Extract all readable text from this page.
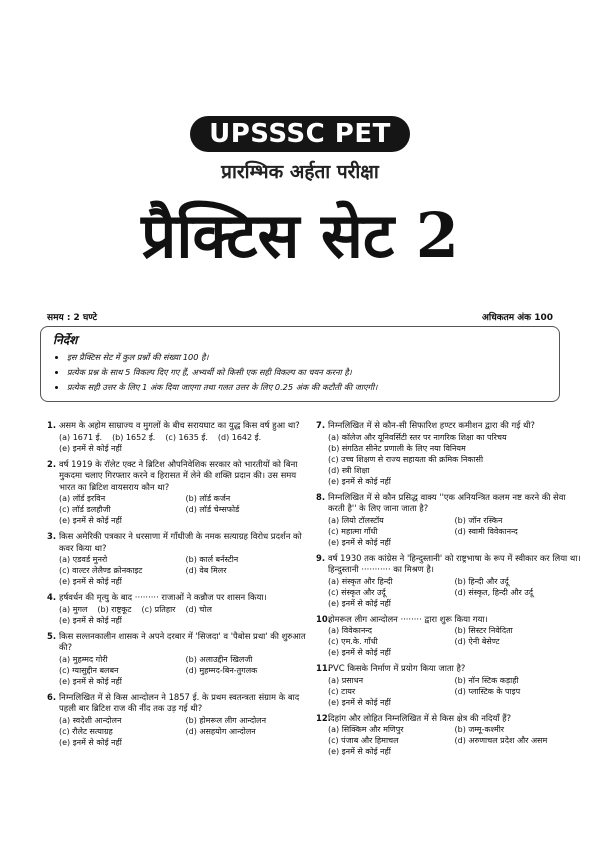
UPSSSC PET
प्रारम्भिक अर्हता परीक्षा
प्रैक्टिस सेट 2
समय : 2 घण्टे	अधिकतम अंक 100
निर्देश
• इस प्रैक्टिस सेट में कुल प्रश्नों की संख्या 100 है।
• प्रत्येक प्रश्न के साथ 5 विकल्प दिए गए हैं, अभ्यर्थी को किसी एक सही विकल्प का चयन करना है।
• प्रत्येक सही उत्तर के लिए 1 अंक दिया जाएगा तथा गलत उत्तर के लिए 0.25 अंक की कटौती की जाएगी।
1. असम के अहोम साम्राज्य व मुगलों के बीच सरायघाट का युद्ध किस वर्ष हुआ था?
(a) 1671 ई. (b) 1652 ई. (c) 1635 ई. (d) 1642 ई.
(e) इनमें से कोई नहीं
2. वर्ष 1919 के रॉलेट एक्ट ने ब्रिटिश औपनिवेशिक सरकार को भारतीयों को बिना मुकदमा चलाए गिरफ्तार करने व हिरासत में लेने की शक्ति प्रदान की। उस समय भारत का ब्रिटिश वायसराय कौन था?
(a) लॉर्ड इरविन	(b) लॉर्ड कर्जन
(c) लॉर्ड डलहौजी	(d) लॉर्ड चेम्सफोर्ड
(e) इनमें से कोई नहीं
3. किस अमेरिकी पत्रकार ने धरसाणा में गाँधीजी के नमक सत्याग्रह विरोध प्रदर्शन को कवर किया था?
(a) एडवर्ड मुनरो	(b) कार्ल बर्नस्टीन
(c) वाल्टर लेलैण्ड क्रोनकाइट	(d) वेब मिलर
(e) इनमें से कोई नहीं
4. हर्षवर्धन की मृत्यु के बाद ········· राजाओं ने कन्नौज पर शासन किया।
(a) मुगल (b) राष्ट्रकूट (c) प्रतिहार (d) चोल
(e) इनमें से कोई नहीं
5. किस सल्तनकालीन शासक ने अपने दरबार में 'सिजदा' व 'पैबोस प्रथा' की शुरुआत की?
(a) मुहम्मद गोरी	(b) अलाउद्दीन खिलजी
(c) ग्यासुद्दीन बलबन	(d) मुहम्मद-बिन-तुगलक
(e) इनमें से कोई नहीं
6. निम्नलिखित में से किस आन्दोलन ने 1857 ई. के प्रथम स्वतन्त्रता संग्राम के बाद पहली बार ब्रिटिश राज की नींद तक उड़ गई थी?
(a) स्वदेशी आन्दोलन	(b) होमरूल लीग आन्दोलन
(c) रौलेट सत्याग्रह	(d) असहयोग आन्दोलन
(e) इनमें से कोई नहीं
7. निम्नलिखित में से कौन-सी सिफारिश हण्टर कमीशन द्वारा की गई थी?
(a) कॉलेज और यूनिवर्सिटी स्तर पर नागरिक शिक्षा का परिचय
(b) संगठित सीनेट प्रणाली के लिए नया विनियम
(c) उच्च शिक्षण से राज्य सहायता की क्रमिक निकासी
(d) स्त्री शिक्षा
(e) इनमें से कोई नहीं
8. निम्नलिखित में से कौन प्रसिद्ध वाक्य ''एक अनियन्त्रित कलम नष्ट करने की सेवा करती है'' के लिए जाना जाता है?
(a) लियो टॉलस्टॉय	(b) जॉन रस्किन
(c) महात्मा गाँधी	(d) स्वामी विवेकानन्द
(e) इनमें से कोई नहीं
9. वर्ष 1930 तक कांग्रेस ने 'हिन्दुस्तानी' को राष्ट्रभाषा के रूप में स्वीकार कर लिया था। हिन्दुस्तानी ··········· का मिश्रण है।
(a) संस्कृत और हिन्दी	(b) हिन्दी और उर्दू
(c) संस्कृत और उर्दू	(d) संस्कृत, हिन्दी और उर्दू
(e) इनमें से कोई नहीं
10.
होमरूल लीग आन्दोलन ········ द्वारा शुरू किया गया।
(a) विवेकानन्द	(b) सिस्टर निवेदिता
(c) एम.के. गाँधी	(d) ऐनी बेसेण्ट
(e) इनमें से कोई नहीं
11.
PVC किसके निर्माण में प्रयोग किया जाता है?
(a) प्रसाधन	(b) नॉन स्टिक कड़ाही
(c) टायर	(d) प्लास्टिक के पाइप
(e) इनमें से कोई नहीं
12.
दिहांग और लोहित निम्नलिखित में से किस क्षेत्र की नदियाँ हैं?
(a) सिक्किम और मणिपुर	(b) जम्मू-कश्मीर
(c) पंजाब और हिमाचल	(d) अरुणाचल प्रदेश और असम
(e) इनमें से कोई नहीं
